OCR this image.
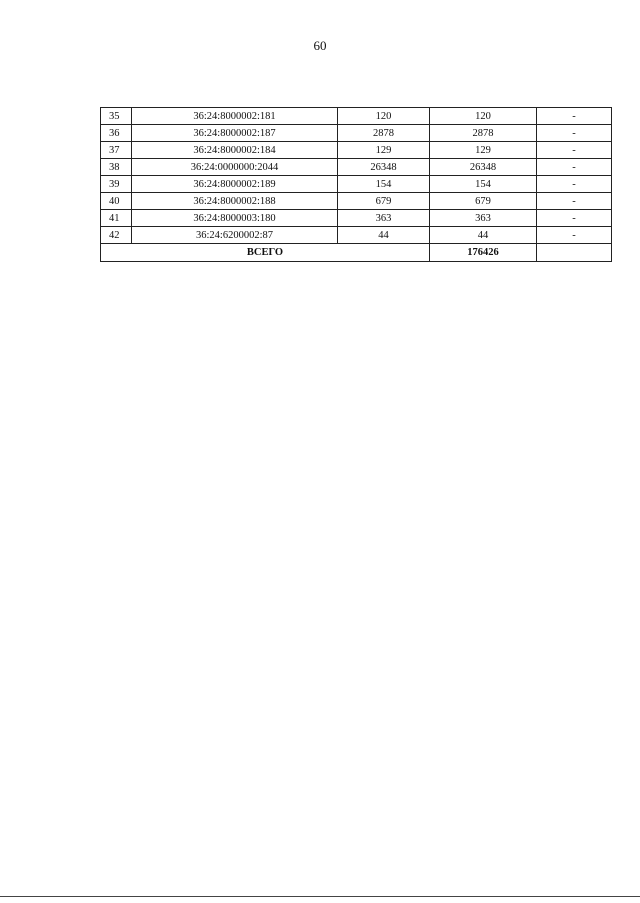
60
35	36:24:8000002:181	120	120	-
36	36:24:8000002:187	2878	2878	-
37	36:24:8000002:184	129	129	-
38	36:24:0000000:2044	26348	26348	-
39	36:24:8000002:189	154	154	-
40	36:24:8000002:188	679	679	-
41	36:24:8000003:180	363	363	-
42	36:24:6200002:87	44	44	-
ВСЕГО			176426	
